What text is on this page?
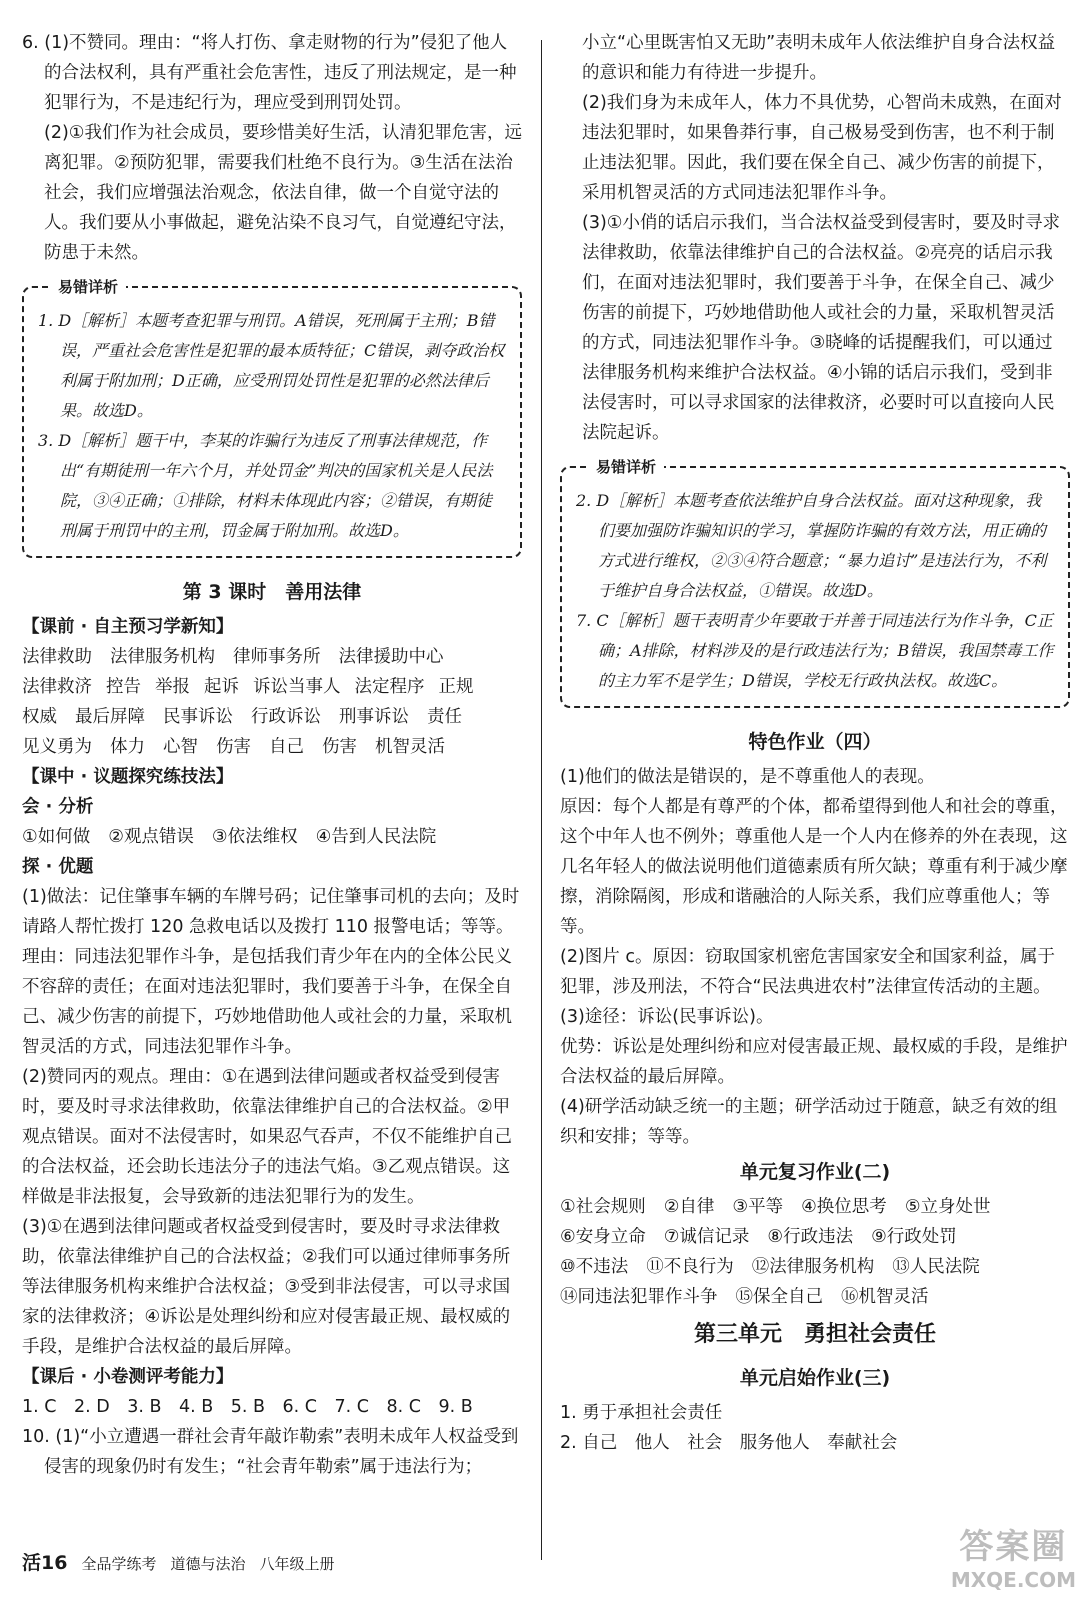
6. (1)不赞同。理由：“将人打伤、拿走财物的行为”侵犯了他人的合法权利，具有严重社会危害性，违反了刑法规定，是一种犯罪行为，不是违纪行为，理应受到刑罚处罚。

(2)①我们作为社会成员，要珍惜美好生活，认清犯罪危害，远离犯罪。②预防犯罪，需要我们杜绝不良行为。③生活在法治社会，我们应增强法治观念，依法自律，做一个自觉守法的人。我们要从小事做起，避免沾染不良习气，自觉遵纪守法，防患于未然。

易错详析

1. D［解析］本题考查犯罪与刑罚。A错误，死刑属于主刑；B错误，严重社会危害性是犯罪的最本质特征；C错误，剥夺政治权利属于附加刑；D正确，应受刑罚处罚性是犯罪的必然法律后果。故选D。

3. D［解析］题干中，李某的诈骗行为违反了刑事法律规范，作出“有期徒刑一年六个月，并处罚金”判决的国家机关是人民法院，③④正确；①排除，材料未体现此内容；②错误，有期徒刑属于刑罚中的主刑，罚金属于附加刑。故选D。

第 3 课时　善用法律

【课前 · 自主预习学新知】

法律救助 法律服务机构 律师事务所 法律援助中心
法律救济 控告 举报 起诉 诉讼当事人 法定程序 正规
权威 最后屏障 民事诉讼 行政诉讼 刑事诉讼 责任
见义勇为 体力 心智 伤害 自己 伤害 机智灵活

【课中 · 议题探究练技法】

会 · 分析

①如何做 ②观点错误 ③依法维权 ④告到人民法院

探 · 优题

(1)做法：记住肇事车辆的车牌号码；记住肇事司机的去向；及时请路人帮忙拨打 120 急救电话以及拨打 110 报警电话；等等。

理由：同违法犯罪作斗争，是包括我们青少年在内的全体公民义不容辞的责任；在面对违法犯罪时，我们要善于斗争，在保全自己、减少伤害的前提下，巧妙地借助他人或社会的力量，采取机智灵活的方式，同违法犯罪作斗争。

(2)赞同丙的观点。理由：①在遇到法律问题或者权益受到侵害时，要及时寻求法律救助，依靠法律维护自己的合法权益。②甲观点错误。面对不法侵害时，如果忍气吞声，不仅不能维护自己的合法权益，还会助长违法分子的违法气焰。③乙观点错误。这样做是非法报复，会导致新的违法犯罪行为的发生。

(3)①在遇到法律问题或者权益受到侵害时，要及时寻求法律救助，依靠法律维护自己的合法权益；②我们可以通过律师事务所等法律服务机构来维护合法权益；③受到非法侵害，可以寻求国家的法律救济；④诉讼是处理纠纷和应对侵害最正规、最权威的手段，是维护合法权益的最后屏障。

【课后 · 小卷测评考能力】

1. C　2. D　3. B　4. B　5. B　6. C　7. C　8. C　9. B

10. (1)“小立遭遇一群社会青年敲诈勒索”表明未成年人权益受到侵害的现象仍时有发生；“社会青年勒索”属于违法行为；

小立“心里既害怕又无助”表明未成年人依法维护自身合法权益的意识和能力有待进一步提升。

(2)我们身为未成年人，体力不具优势，心智尚未成熟，在面对违法犯罪时，如果鲁莽行事，自己极易受到伤害，也不利于制止违法犯罪。因此，我们要在保全自己、减少伤害的前提下，采用机智灵活的方式同违法犯罪作斗争。

(3)①小俏的话启示我们，当合法权益受到侵害时，要及时寻求法律救助，依靠法律维护自己的合法权益。②亮亮的话启示我们，在面对违法犯罪时，我们要善于斗争，在保全自己、减少伤害的前提下，巧妙地借助他人或社会的力量，采取机智灵活的方式，同违法犯罪作斗争。③晓峰的话提醒我们，可以通过法律服务机构来维护合法权益。④小锦的话启示我们，受到非法侵害时，可以寻求国家的法律救济，必要时可以直接向人民法院起诉。

易错详析

2. D［解析］本题考查依法维护自身合法权益。面对这种现象，我们要加强防诈骗知识的学习，掌握防诈骗的有效方法，用正确的方式进行维权，②③④符合题意；“暴力追讨”是违法行为，不利于维护自身合法权益，①错误。故选D。

7. C［解析］题干表明青少年要敢于并善于同违法行为作斗争，C正确；A排除，材料涉及的是行政违法行为；B错误，我国禁毒工作的主力军不是学生；D错误，学校无行政执法权。故选C。

特色作业（四）

(1)他们的做法是错误的，是不尊重他人的表现。

原因：每个人都是有尊严的个体，都希望得到他人和社会的尊重，这个中年人也不例外；尊重他人是一个人内在修养的外在表现，这几名年轻人的做法说明他们道德素质有所欠缺；尊重有利于减少摩擦，消除隔阂，形成和谐融洽的人际关系，我们应尊重他人；等等。

(2)图片 c。原因：窃取国家机密危害国家安全和国家利益，属于犯罪，涉及刑法，不符合“民法典进农村”法律宣传活动的主题。

(3)途径：诉讼(民事诉讼)。

优势：诉讼是处理纠纷和应对侵害最正规、最权威的手段，是维护合法权益的最后屏障。

(4)研学活动缺乏统一的主题；研学活动过于随意，缺乏有效的组织和安排；等等。

单元复习作业(二)

①社会规则 ②自律 ③平等 ④换位思考 ⑤立身处世
⑥安身立命 ⑦诚信记录 ⑧行政违法 ⑨行政处罚
⑩不违法 ⑪不良行为 ⑫法律服务机构 ⑬人民法院
⑭同违法犯罪作斗争 ⑮保全自己 ⑯机智灵活

第三单元　勇担社会责任

单元启始作业(三)

1. 勇于承担社会责任

2. 自己　他人　社会　服务他人　奉献社会

活16 全品学练考 道德与法治 八年级上册	答案圈
MXQE.COM
